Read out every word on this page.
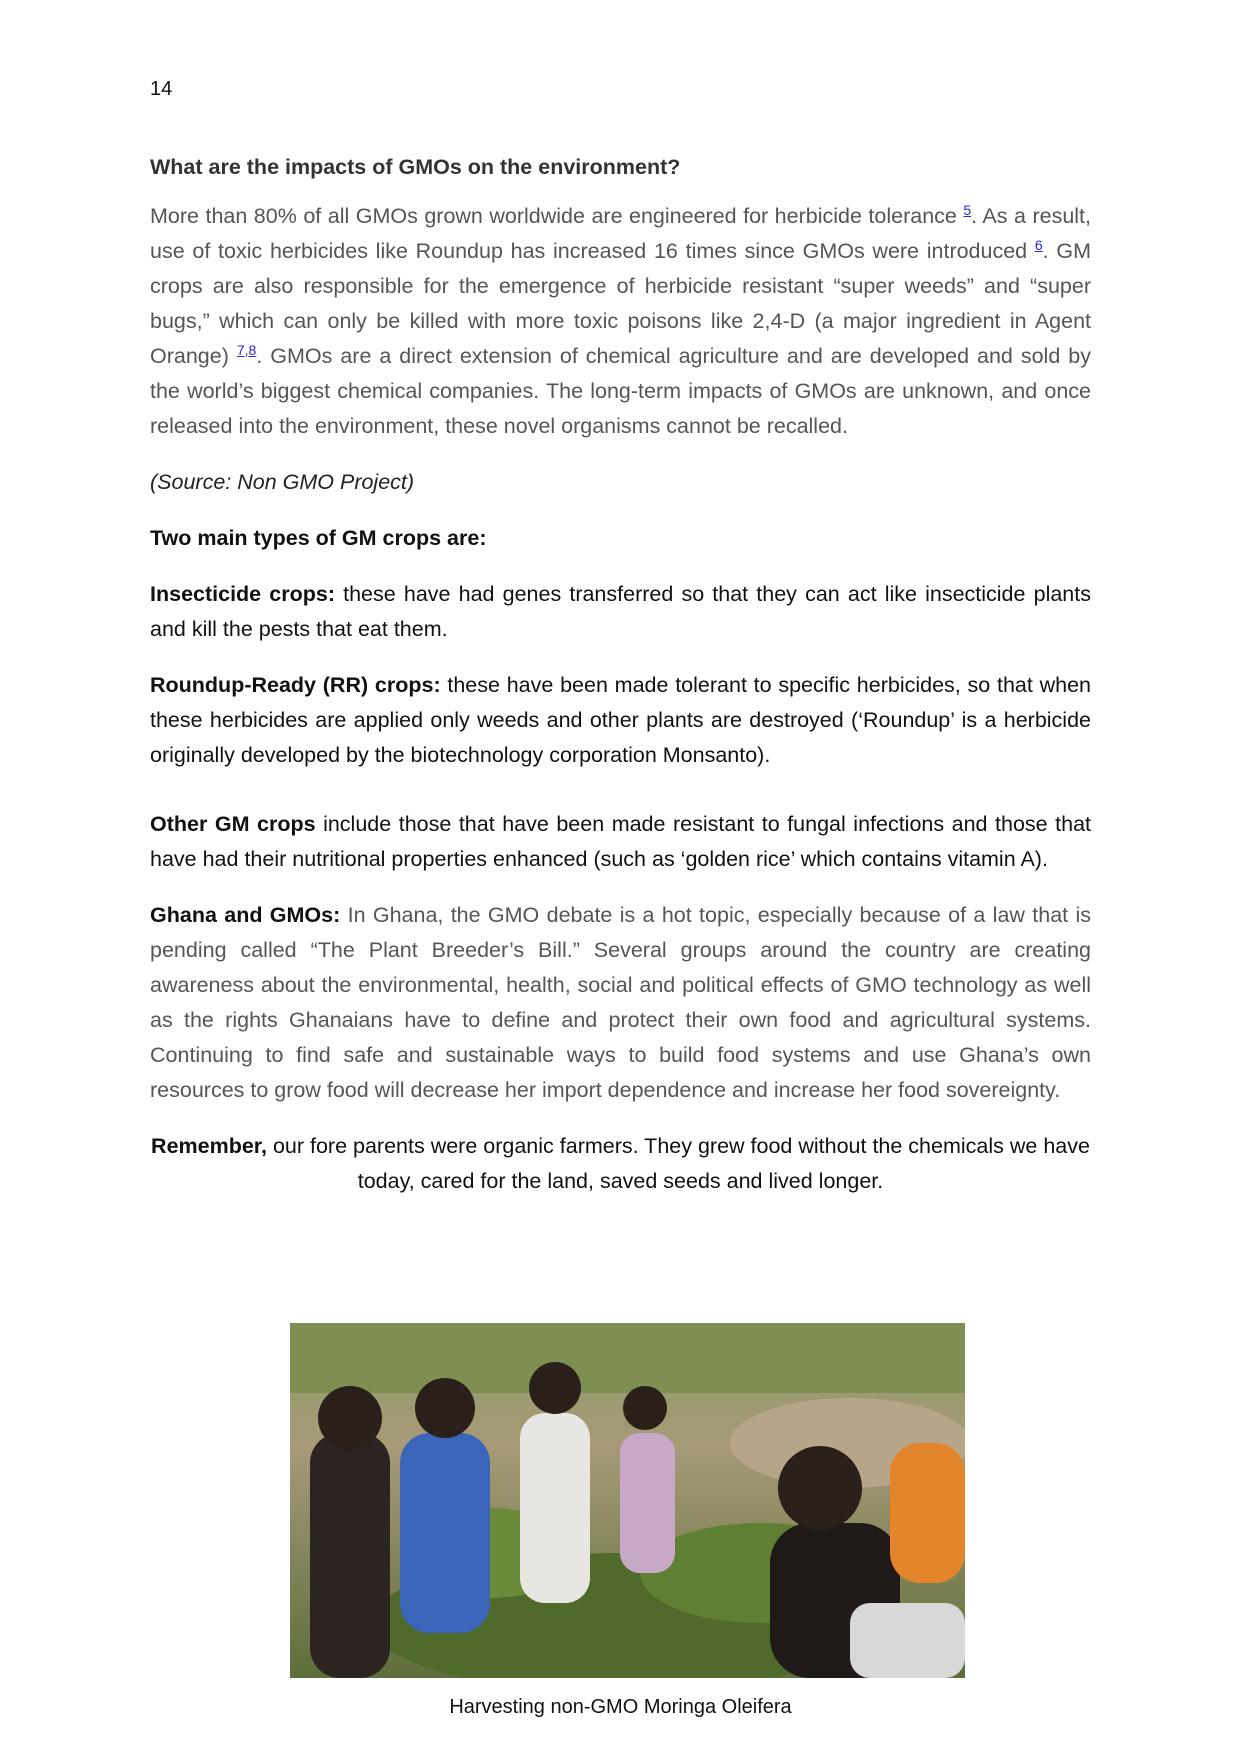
14
What are the impacts of GMOs on the environment?
More than 80% of all GMOs grown worldwide are engineered for herbicide tolerance $^5$. As a result, use of toxic herbicides like Roundup has increased 16 times since GMOs were introduced $^6$. GM crops are also responsible for the emergence of herbicide resistant “super weeds” and “super bugs,” which can only be killed with more toxic poisons like 2,4-D (a major ingredient in Agent Orange) $^{7,8}$. GMOs are a direct extension of chemical agriculture and are developed and sold by the world’s biggest chemical companies. The long-term impacts of GMOs are unknown, and once released into the environment, these novel organisms cannot be recalled.
(Source: Non GMO Project)
Two main types of GM crops are:
Insecticide crops: these have had genes transferred so that they can act like insecticide plants and kill the pests that eat them.
Roundup-Ready (RR) crops: these have been made tolerant to specific herbicides, so that when these herbicides are applied only weeds and other plants are destroyed (‘Roundup’ is a herbicide originally developed by the biotechnology corporation Monsanto).
Other GM crops include those that have been made resistant to fungal infections and those that have had their nutritional properties enhanced (such as ‘golden rice’ which contains vitamin A).
Ghana and GMOs: In Ghana, the GMO debate is a hot topic, especially because of a law that is pending called “The Plant Breeder’s Bill.” Several groups around the country are creating awareness about the environmental, health, social and political effects of GMO technology as well as the rights Ghanaians have to define and protect their own food and agricultural systems. Continuing to find safe and sustainable ways to build food systems and use Ghana’s own resources to grow food will decrease her import dependence and increase her food sovereignty.
Remember, our fore parents were organic farmers. They grew food without the chemicals we have today, cared for the land, saved seeds and lived longer.
Harvesting non-GMO Moringa Oleifera
